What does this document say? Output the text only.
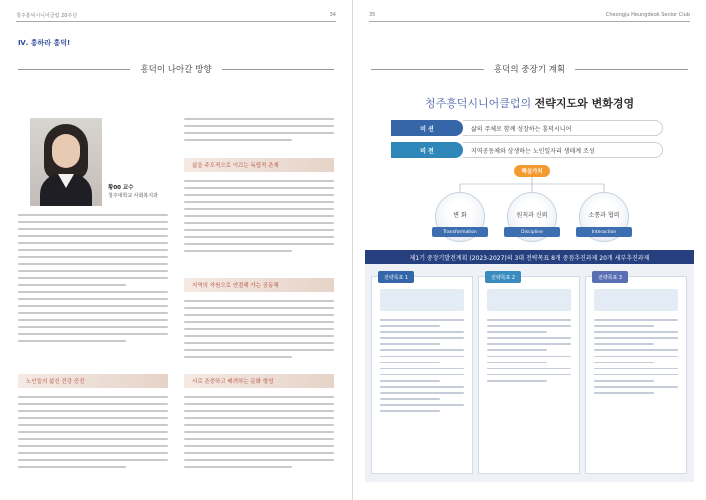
청주흥덕시니어클럽 20주년	34
Ⅳ. 흥하라 흥덕!
흥덕이 나아갈 방향
황00 교수
청주대학교 사회복지과
노인들의 삶신 건강 증진
삶을 주도적으로 이끄는 독립적 존재
지역의 자원으로 연결해 가는 공동체
서로 존중하고 배려하는 문화 형성
35	Cheongju Heungdeok Senior Club
흥덕의 중장기 계획
청주흥덕시니어클럽의 전략지도와 변화경영
미 션	삶의 주체로 함께 성장하는 흥덕시니어
비 전	지역공동체와 상생하는 노인일자리 생태계 조성
핵심가치
변 화
Transformation
원칙과 신뢰
Discipline
소통과 협력
Interaction
제1기 중장기발전계획 (2023-2027)의 3대 전략목표 8개 중점추진과제 20개 세부추진과제
전략목표 1	전략목표 2	전략목표 3
